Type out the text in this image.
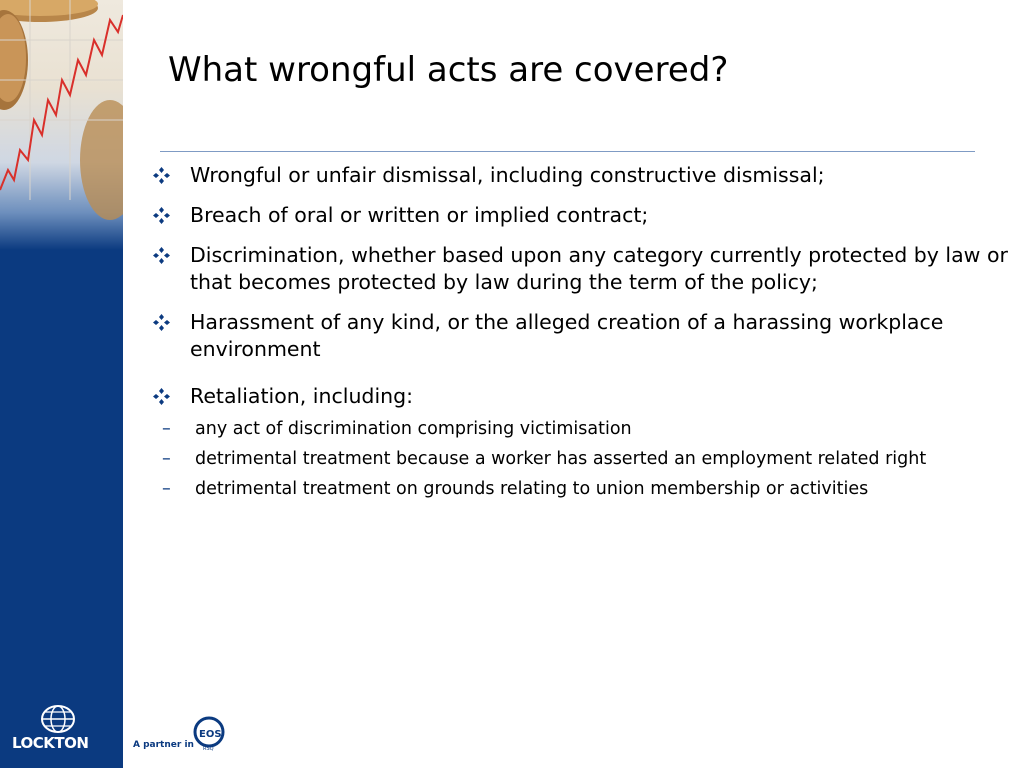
LOCKTON	A partner in
EOS
RSQ
What wrongful acts are covered?
Wrongful or unfair dismissal, including constructive dismissal;
Breach of oral or written or implied contract;
Discrimination, whether based upon any category currently protected by law or that becomes protected by law during the term of the policy;
Harassment of any kind, or the alleged creation of a harassing workplace environment
Retaliation, including:
– any act of discrimination comprising victimisation
– detrimental treatment because a worker has asserted an employment related right
– detrimental treatment on grounds relating to union membership or activities
